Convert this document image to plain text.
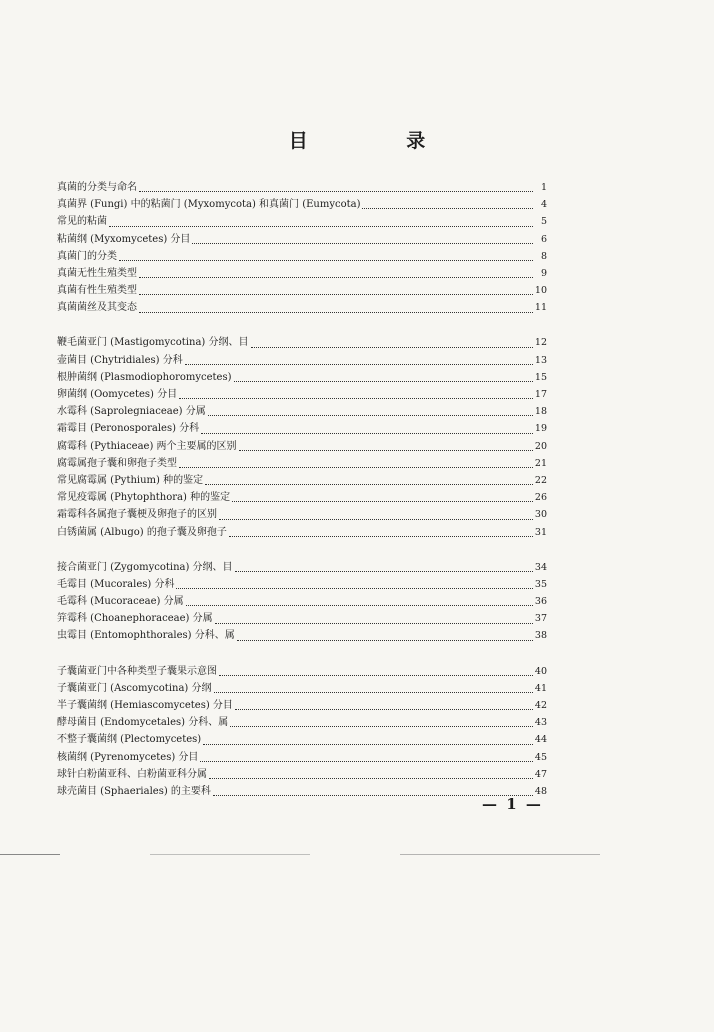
目 录
真菌的分类与命名	1
真菌界 (Fungi) 中的粘菌门 (Myxomycota) 和真菌门 (Eumycota)	4
常见的粘菌	5
粘菌纲 (Myxomycetes) 分目	6
真菌门的分类	8
真菌无性生殖类型	9
真菌有性生殖类型	10
真菌菌丝及其变态	11
鞭毛菌亚门 (Mastigomycotina) 分纲、目	12
壶菌目 (Chytridiales) 分科	13
根肿菌纲 (Plasmodiophoromycetes)	15
卵菌纲 (Oomycetes) 分目	17
水霉科 (Saprolegniaceae) 分属	18
霜霉目 (Peronosporales) 分科	19
腐霉科 (Pythiaceae) 两个主要属的区别	20
腐霉属孢子囊和卵孢子类型	21
常见腐霉属 (Pythium) 种的鉴定	22
常见疫霉属 (Phytophthora) 种的鉴定	26
霜霉科各属孢子囊梗及卵孢子的区别	30
白锈菌属 (Albugo) 的孢子囊及卵孢子	31
接合菌亚门 (Zygomycotina) 分纲、目	34
毛霉目 (Mucorales) 分科	35
毛霉科 (Mucoraceae) 分属	36
笄霉科 (Choanephoraceae) 分属	37
虫霉目 (Entomophthorales) 分科、属	38
子囊菌亚门中各种类型子囊果示意图	40
子囊菌亚门 (Ascomycotina) 分纲	41
半子囊菌纲 (Hemiascomycetes) 分目	42
酵母菌目 (Endomycetales) 分科、属	43
不整子囊菌纲 (Plectomycetes)	44
核菌纲 (Pyrenomycetes) 分目	45
球针白粉菌亚科、白粉菌亚科分属	47
球壳菌目 (Sphaeriales) 的主要科	48
— 1 —
